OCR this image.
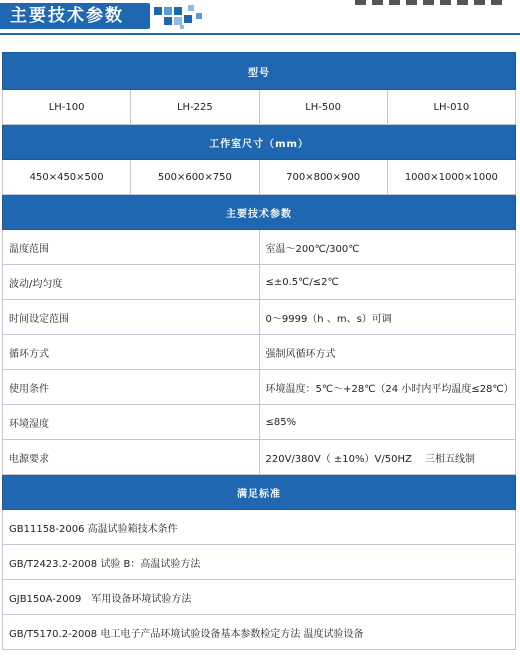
主要技术参数
型号			
LH-100	LH-225	LH-500	LH-010
工作室尺寸（mm）			
450×450×500	500×600×750	700×800×900	1000×1000×1000
主要技术参数			
温度范围		室温～200℃/300℃	
波动/均匀度		≤±0.5℃/≤2℃	
时间设定范围		0～9999（h 、m、s）可调	
循环方式		强制风循环方式	
使用条件		环境温度：5℃～+28℃（24 小时内平均温度≤28℃）	
环境湿度		≤85%	
电源要求		220V/380V（ ±10%）V/50HZ 　三相五线制	
满足标准			
GB11158-2006 高温试验箱技术条件			
GB/T2423.2-2008 试验 B：高温试验方法			
GJB150A-2009　军用设备环境试验方法			
GB/T5170.2-2008 电工电子产品环境试验设备基本参数检定方法 温度试验设备			
